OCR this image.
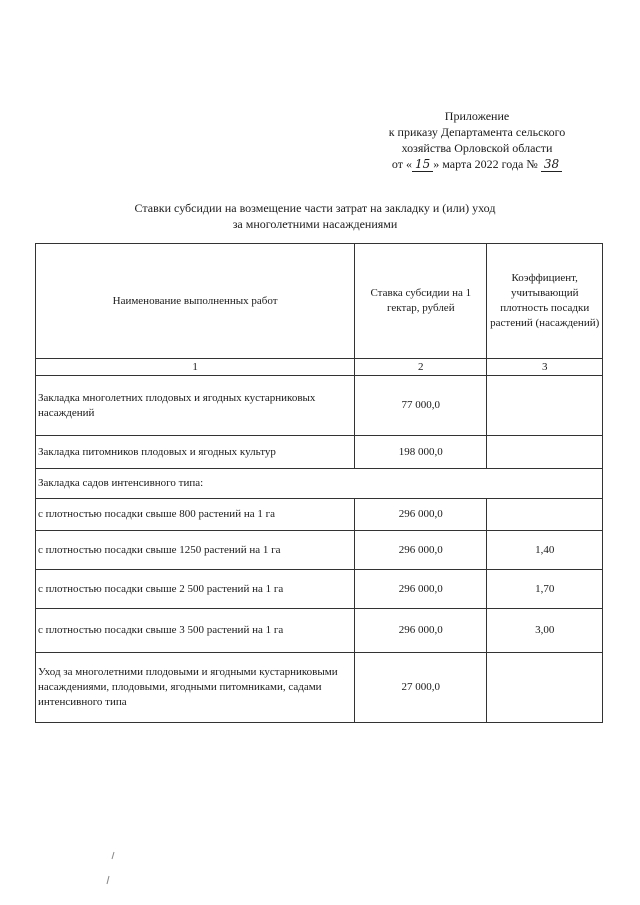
Приложение
к приказу Департамента сельского
хозяйства Орловской области
от « 15 » марта 2022 года № 38
Ставки субсидии на возмещение части затрат на закладку и (или) уход
за многолетними насаждениями
Наименование выполненных работ	Ставка субсидии на 1 гектар, рублей	Коэффициент, учитывающий плотность посадки растений (насаждений)
1	2	3
Закладка многолетних плодовых и ягодных кустарниковых насаждений	77 000,0	
Закладка питомников плодовых и ягодных культур	198 000,0	
Закладка садов интенсивного типа:		
с плотностью посадки свыше 800 растений на 1 га	296 000,0	
с плотностью посадки свыше 1250 растений на 1 га	296 000,0	1,40
с плотностью посадки свыше 2 500 растений на 1 га	296 000,0	1,70
с плотностью посадки свыше 3 500 растений на 1 га	296 000,0	3,00
Уход за многолетними плодовыми и ягодными кустарниковыми насаждениями, плодовыми, ягодными питомниками, садами интенсивного типа	27 000,0	
